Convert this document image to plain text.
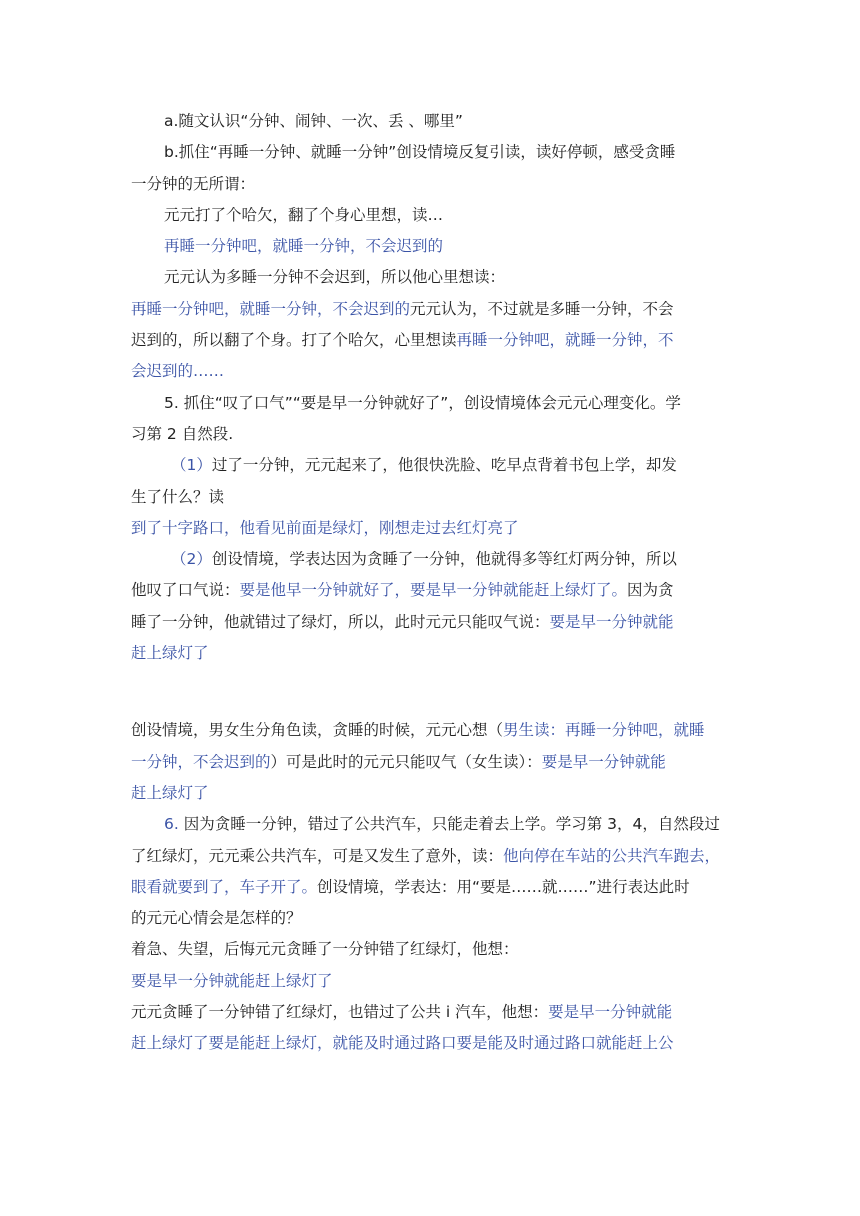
a.随文认识“分钟、闹钟、一次、丢 、哪里”
b.抓住“再睡一分钟、就睡一分钟”创设情境反复引读，读好停顿，感受贪睡
一分钟的无所谓：
元元打了个哈欠，翻了个身心里想，读…
再睡一分钟吧，就睡一分钟，不会迟到的
元元认为多睡一分钟不会迟到，所以他心里想读：
再睡一分钟吧，就睡一分钟，不会迟到的元元认为，不过就是多睡一分钟，不会
迟到的，所以翻了个身。打了个哈欠，心里想读再睡一分钟吧，就睡一分钟，不
会迟到的……
5. 抓住“叹了口气”“要是早一分钟就好了”，创设情境体会元元心理变化。学
习第 2 自然段.
（1）过了一分钟，元元起来了，他很快洗脸、吃早点背着书包上学，却发
生了什么？读
到了十字路口，他看见前面是绿灯，刚想走过去红灯亮了
（2）创设情境，学表达因为贪睡了一分钟，他就得多等红灯两分钟，所以
他叹了口气说：要是他早一分钟就好了，要是早一分钟就能赶上绿灯了。因为贪
睡了一分钟，他就错过了绿灯，所以，此时元元只能叹气说：要是早一分钟就能
赶上绿灯了
创设情境，男女生分角色读，贪睡的时候，元元心想（男生读：再睡一分钟吧，就睡
一分钟，不会迟到的）可是此时的元元只能叹气（女生读）：要是早一分钟就能
赶上绿灯了
6. 因为贪睡一分钟，错过了公共汽车，只能走着去上学。学习第 3，4，自然段过
了红绿灯，元元乘公共汽车，可是又发生了意外，读：他向停在车站的公共汽车跑去，
眼看就要到了，车子开了。创设情境，学表达：用“要是……就……”进行表达此时
的元元心情会是怎样的？
着急、失望，后悔元元贪睡了一分钟错了红绿灯，他想：
要是早一分钟就能赶上绿灯了
元元贪睡了一分钟错了红绿灯，也错过了公共 i 汽车，他想：要是早一分钟就能
赶上绿灯了要是能赶上绿灯，就能及时通过路口要是能及时通过路口就能赶上公
